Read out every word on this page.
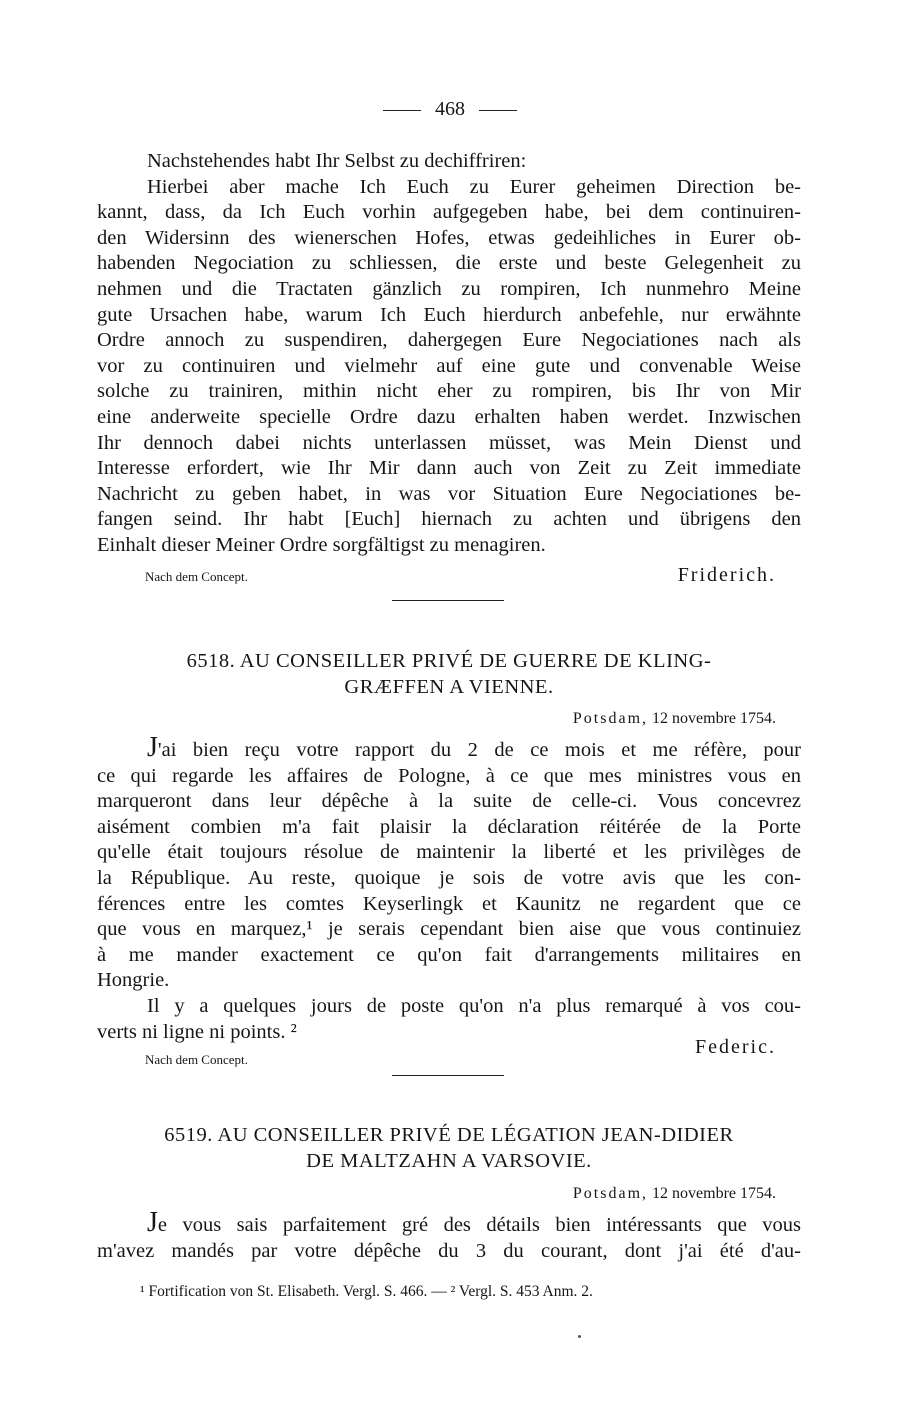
468

Nachstehendes habt Ihr Selbst zu dechiffriren:

Hierbei aber mache Ich Euch zu Eurer geheimen Direction be-

kannt, dass, da Ich Euch vorhin aufgegeben habe, bei dem continuiren-

den Widersinn des wienerschen Hofes, etwas gedeihliches in Eurer ob-

habenden Negociation zu schliessen, die erste und beste Gelegenheit zu

nehmen und die Tractaten gänzlich zu rompiren, Ich nunmehro Meine

gute Ursachen habe, warum Ich Euch hierdurch anbefehle, nur erwähnte

Ordre annoch zu suspendiren, dahergegen Eure Negociationes nach als

vor zu continuiren und vielmehr auf eine gute und convenable Weise

solche zu trainiren, mithin nicht eher zu rompiren, bis Ihr von Mir

eine anderweite specielle Ordre dazu erhalten haben werdet. Inzwischen

Ihr dennoch dabei nichts unterlassen müsset, was Mein Dienst und

Interesse erfordert, wie Ihr Mir dann auch von Zeit zu Zeit immediate

Nachricht zu geben habet, in was vor Situation Eure Negociationes be-

fangen seind. Ihr habt [Euch] hiernach zu achten und übrigens den

Einhalt dieser Meiner Ordre sorgfältigst zu menagiren.

Nach dem Concept.	Friderich.
6518. AU CONSEILLER PRIVÉ DE GUERRE DE KLING-
GRÆFFEN A VIENNE.
Potsdam, 12 novembre 1754.

J'ai bien reçu votre rapport du 2 de ce mois et me réfère, pour

ce qui regarde les affaires de Pologne, à ce que mes ministres vous en

marqueront dans leur dépêche à la suite de celle-ci. Vous concevrez

aisément combien m'a fait plaisir la déclaration réitérée de la Porte

qu'elle était toujours résolue de maintenir la liberté et les privilèges de

la République. Au reste, quoique je sois de votre avis que les con-

férences entre les comtes Keyserlingk et Kaunitz ne regardent que ce

que vous en marquez,¹ je serais cependant bien aise que vous continuiez

à me mander exactement ce qu'on fait d'arrangements militaires en

Hongrie.

Il y a quelques jours de poste qu'on n'a plus remarqué à vos cou-

verts ni ligne ni points. ²

Federic.
Nach dem Concept.
6519. AU CONSEILLER PRIVÉ DE LÉGATION JEAN-DIDIER
DE MALTZAHN A VARSOVIE.
Potsdam, 12 novembre 1754.

Je vous sais parfaitement gré des détails bien intéressants que vous

m'avez mandés par votre dépêche du 3 du courant, dont j'ai été d'au-

¹ Fortification von St. Elisabeth. Vergl. S. 466. — ² Vergl. S. 453 Anm. 2.
